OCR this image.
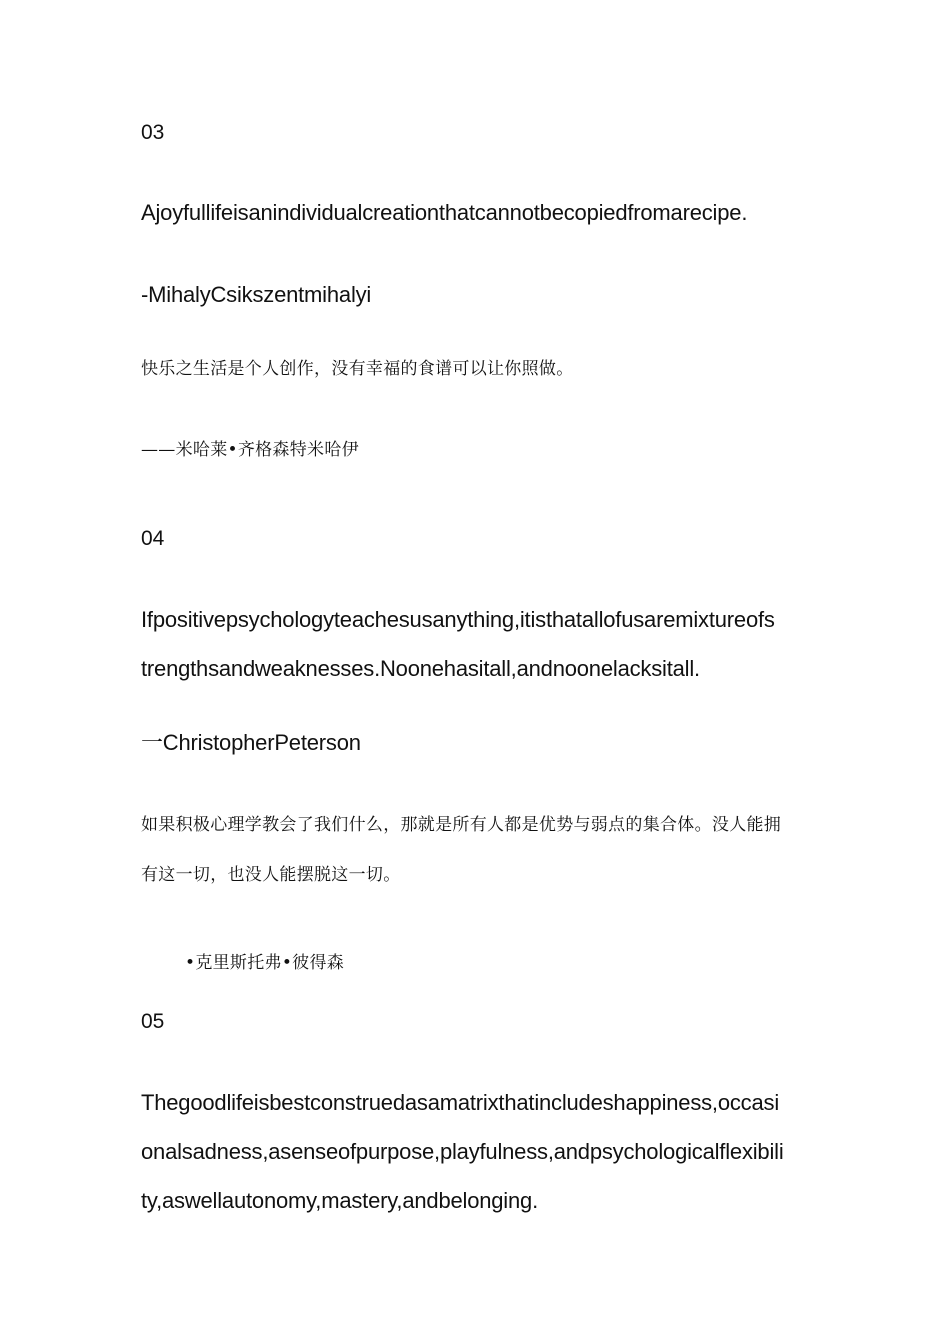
03
Ajoyfullifeisanindividualcreationthatcannotbecopiedfromarecipe.
-MihalyCsikszentmihalyi
快乐之生活是个人创作，没有幸福的食谱可以让你照做。
——米哈莱•齐格森特米哈伊
04
Ifpositivepsychologyteachesusanything,itisthatallofusaremixtureofs
trengthsandweaknesses.Noonehasitall,andnoonelacksitall.
一ChristopherPeterson
如果积极心理学教会了我们什么，那就是所有人都是优势与弱点的集合体。没人能拥
有这一切，也没人能摆脱这一切。
•克里斯托弗•彼得森
05
Thegoodlifeisbestconstruedasamatrixthatincludeshappiness,occasi
onalsadness,asenseofpurpose,playfulness,andpsychologicalflexibili
ty,aswellautonomy,mastery,andbelonging.
